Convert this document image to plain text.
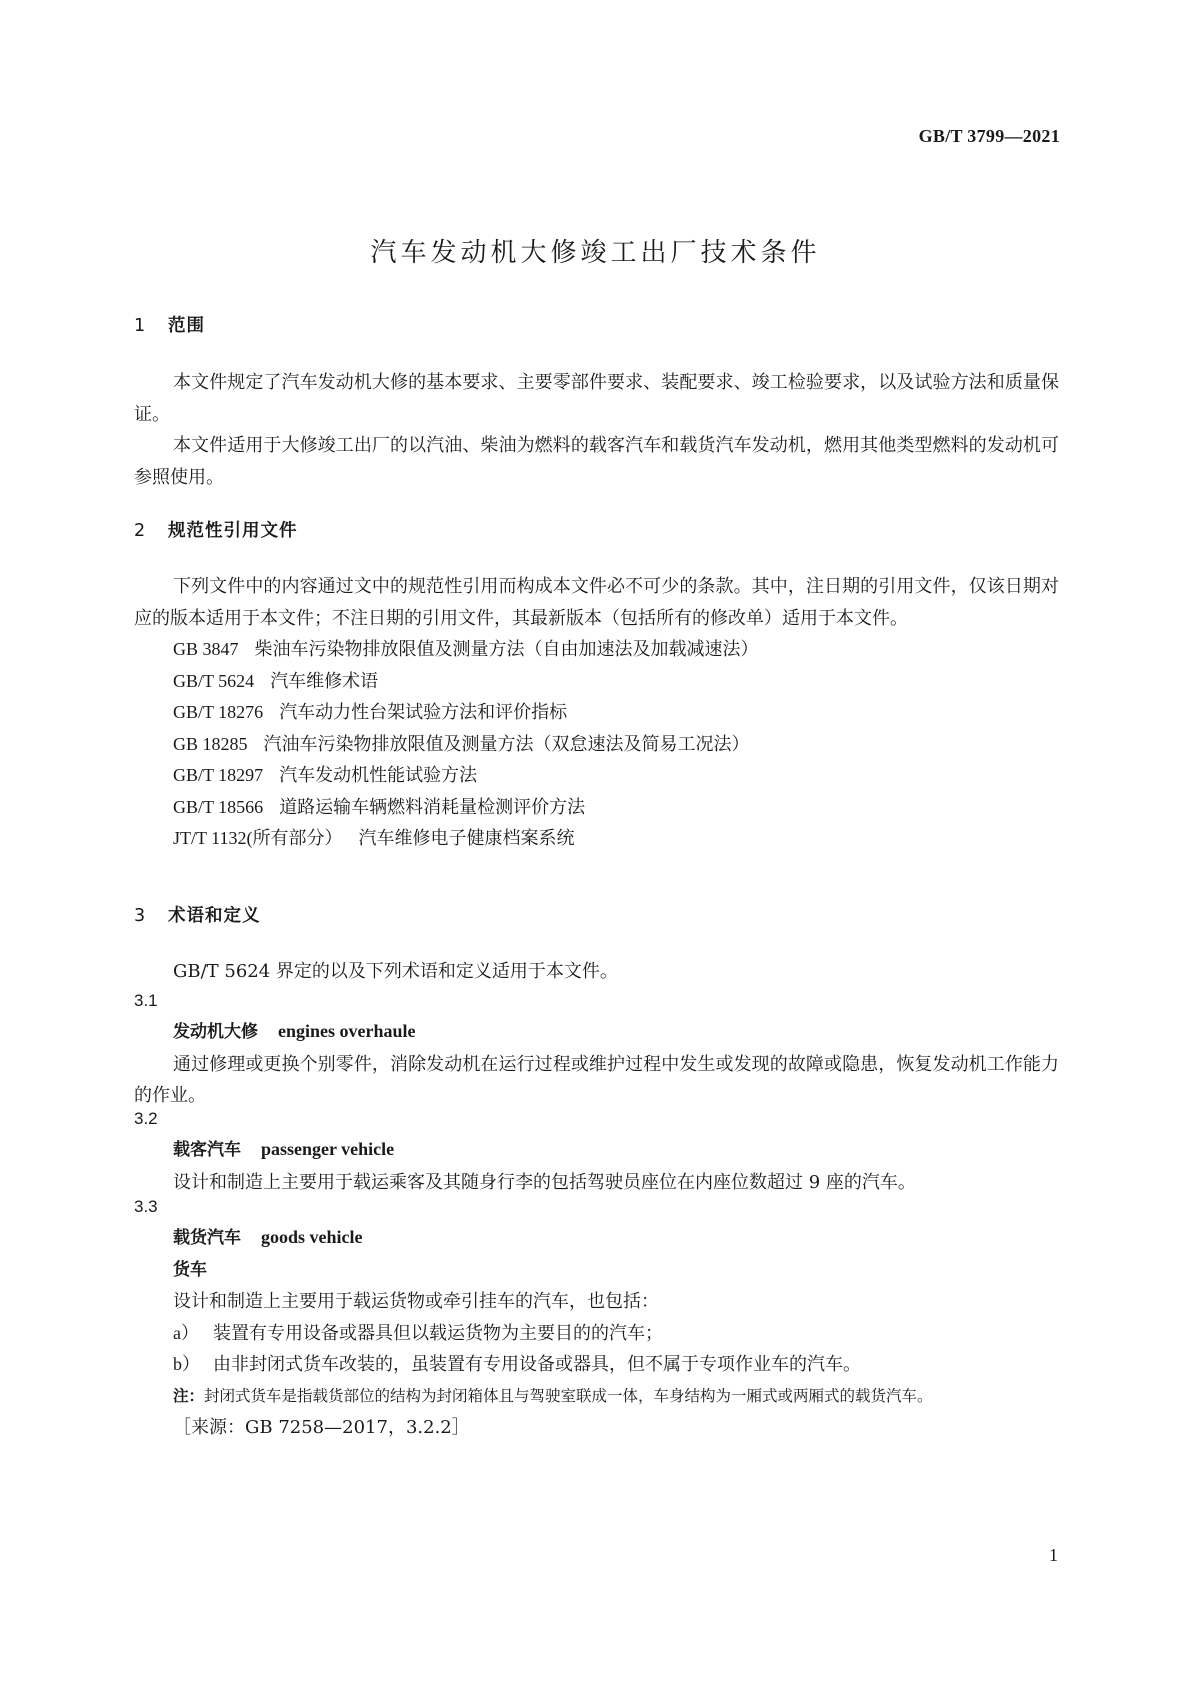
GB/T 3799—2021
汽车发动机大修竣工出厂技术条件
1 范围

本文件规定了汽车发动机大修的基本要求、主要零部件要求、装配要求、竣工检验要求，以及试验方法和质量保证。

本文件适用于大修竣工出厂的以汽油、柴油为燃料的载客汽车和载货汽车发动机，燃用其他类型燃料的发动机可参照使用。

2 规范性引用文件

下列文件中的内容通过文中的规范性引用而构成本文件必不可少的条款。其中，注日期的引用文件，仅该日期对应的版本适用于本文件；不注日期的引用文件，其最新版本（包括所有的修改单）适用于本文件。

GB 3847 柴油车污染物排放限值及测量方法（自由加速法及加载减速法）

GB/T 5624 汽车维修术语

GB/T 18276 汽车动力性台架试验方法和评价指标

GB 18285 汽油车污染物排放限值及测量方法（双怠速法及简易工况法）

GB/T 18297 汽车发动机性能试验方法

GB/T 18566 道路运输车辆燃料消耗量检测评价方法

JT/T 1132(所有部分） 汽车维修电子健康档案系统

3 术语和定义

GB/T 5624 界定的以及下列术语和定义适用于本文件。

3.1

发动机大修 engines overhaule

通过修理或更换个别零件，消除发动机在运行过程或维护过程中发生或发现的故障或隐患，恢复发动机工作能力的作业。

3.2

载客汽车 passenger vehicle

设计和制造上主要用于载运乘客及其随身行李的包括驾驶员座位在内座位数超过 9 座的汽车。

3.3

载货汽车 goods vehicle

货车

设计和制造上主要用于载运货物或牵引挂车的汽车，也包括：

a） 装置有专用设备或器具但以载运货物为主要目的的汽车；

b） 由非封闭式货车改装的，虽装置有专用设备或器具，但不属于专项作业车的汽车。

注：封闭式货车是指载货部位的结构为封闭箱体且与驾驶室联成一体，车身结构为一厢式或两厢式的载货汽车。

［来源：GB 7258—2017，3.2.2］

1
